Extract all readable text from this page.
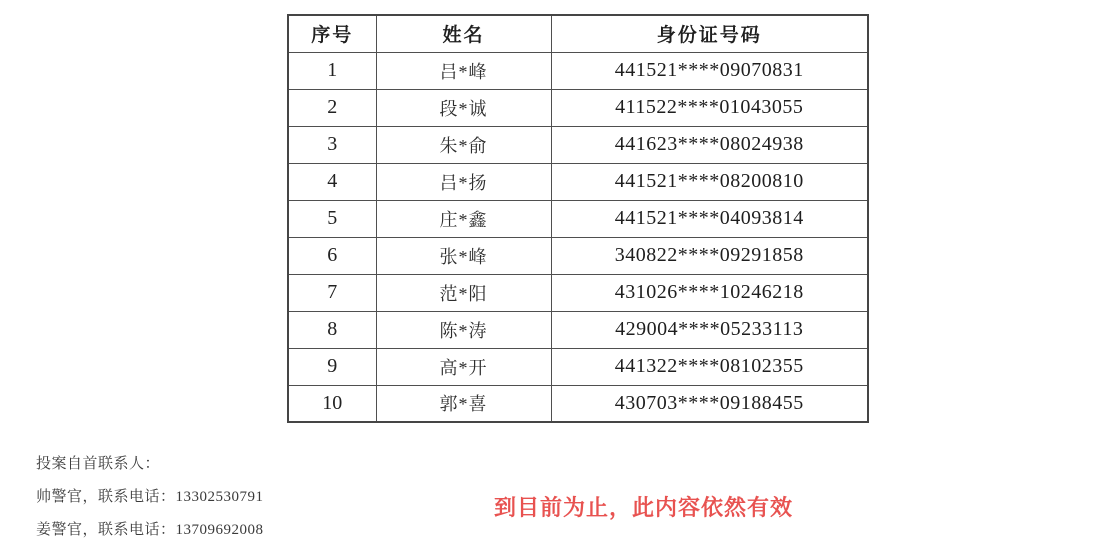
序号	姓名	身份证号码
1	吕*峰	441521****09070831
2	段*诚	411522****01043055
3	朱*俞	441623****08024938
4	吕*扬	441521****08200810
5	庄*鑫	441521****04093814
6	张*峰	340822****09291858
7	范*阳	431026****10246218
8	陈*涛	429004****05233113
9	高*开	441322****08102355
10	郭*喜	430703****09188455
投案自首联系人：
帅警官，联系电话：13302530791
姜警官，联系电话：13709692008
到目前为止，此内容依然有效
